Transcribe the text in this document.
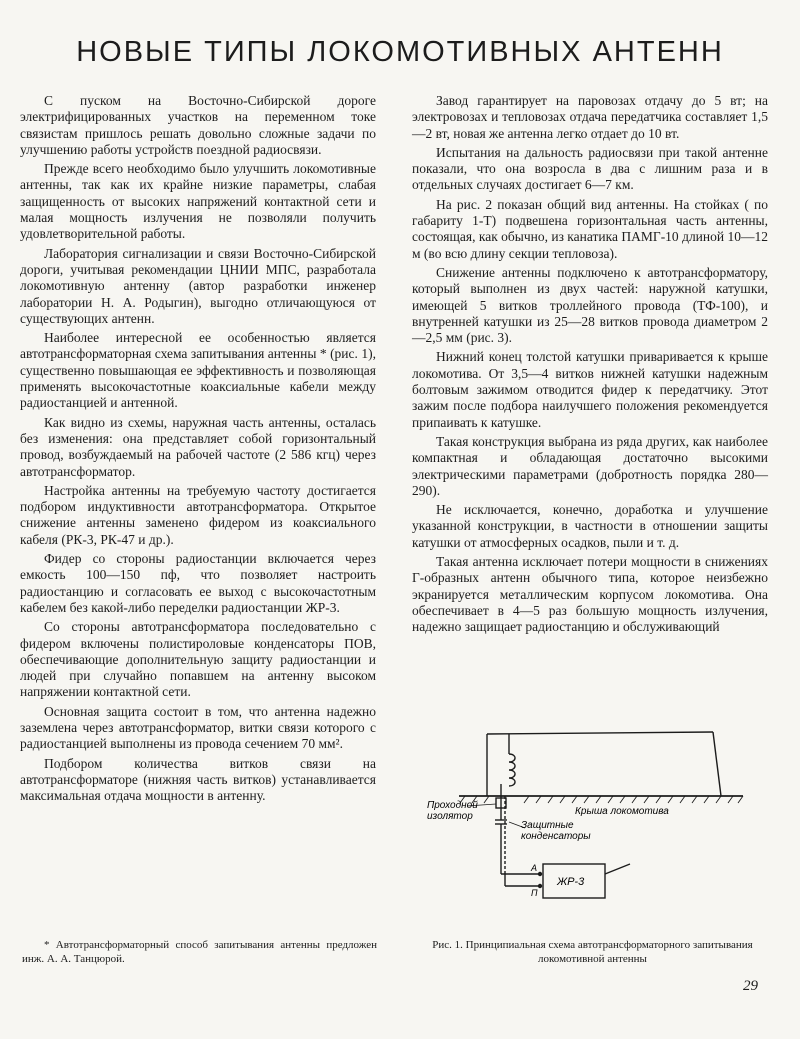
НОВЫЕ ТИПЫ ЛОКОМОТИВНЫХ АНТЕНН

С пуском на Восточно-Сибирской дороге электрифицированных участков на переменном токе связистам пришлось решать довольно сложные задачи по улучшению работы устройств поездной радиосвязи.

Прежде всего необходимо было улучшить локомотивные антенны, так как их крайне низкие параметры, слабая защищенность от высоких напряжений контактной сети и малая мощность излучения не позволяли получить удовлетворительной работы.

Лаборатория сигнализации и связи Восточно-Сибирской дороги, учитывая рекомендации ЦНИИ МПС, разработала локомотивную антенну (автор разработки инженер лаборатории Н. А. Родыгин), выгодно отличающуюся от существующих антенн.

Наиболее интересной ее особенностью является автотрансформаторная схема запитывания антенны * (рис. 1), существенно повышающая ее эффективность и позволяющая применять высокочастотные коаксиальные кабели между радиостанцией и антенной.

Как видно из схемы, наружная часть антенны, осталась без изменения: она представляет собой горизонтальный провод, возбуждаемый на рабочей частоте (2 586 кгц) через автотрансформатор.

Настройка антенны на требуемую частоту достигается подбором индуктивности автотрансформатора. Открытое снижение антенны заменено фидером из коаксиального кабеля (РК-3, РК-47 и др.).

Фидер со стороны радиостанции включается через емкость 100—150 пф, что позволяет настроить радиостанцию и согласовать ее выход с высокочастотным кабелем без какой-либо переделки радиостанции ЖР-3.

Со стороны автотрансформатора последовательно с фидером включены полистироловые конденсаторы ПОВ, обеспечивающие дополнительную защиту радиостанции и людей при случайно попавшем на антенну высоком напряжении контактной сети.

Основная защита состоит в том, что антенна надежно заземлена через автотрансформатор, витки связи которого с радиостанцией выполнены из провода сечением 70 мм².

Подбором количества витков связи на автотрансформаторе (нижняя часть витков) устанавливается максимальная отдача мощности в антенну.

Завод гарантирует на паровозах отдачу до 5 вт; на электровозах и тепловозах отдача передатчика составляет 1,5—2 вт, новая же антенна легко отдает до 10 вт.

Испытания на дальность радиосвязи при такой антенне показали, что она возросла в два с лишним раза и в отдельных случаях достигает 6—7 км.

На рис. 2 показан общий вид антенны. На стойках ( по габариту 1-Т) подвешена горизонтальная часть антенны, состоящая, как обычно, из канатика ПАМГ-10 длиной 10—12 м (во всю длину секции тепловоза).

Снижение антенны подключено к автотрансформатору, который выполнен из двух частей: наружной катушки, имеющей 5 витков троллейного провода (ТФ-100), и внутренней катушки из 25—28 витков провода диаметром 2—2,5 мм (рис. 3).

Нижний конец толстой катушки приваривается к крыше локомотива. От 3,5—4 витков нижней катушки надежным болтовым зажимом отводится фидер к передатчику. Этот зажим после подбора наилучшего положения рекомендуется припаивать к катушке.

Такая конструкция выбрана из ряда других, как наиболее компактная и обладающая достаточно высокими электрическими параметрами (добротность порядка 280—290).

Не исключается, конечно, доработка и улучшение указанной конструкции, в частности в отношении защиты катушки от атмосферных осадков, пыли и т. д.

Такая антенна исключает потери мощности в снижениях Г-образных антенн обычного типа, которое неизбежно экранируется металлическим корпусом локомотива. Она обеспечивает в 4—5 раз большую мощность излучения, надежно защищает радиостанцию и обслуживающий

Проходной
изолятор	Крыша локомотива
Защитные
конденсаторы
ЖР-3
А
П

* Автотрансформаторный способ запитывания антенны предложен инж. А. А. Танцюрой.

Рис. 1. Принципиальная схема автотрансформаторного запитывания локомотивной антенны
29
